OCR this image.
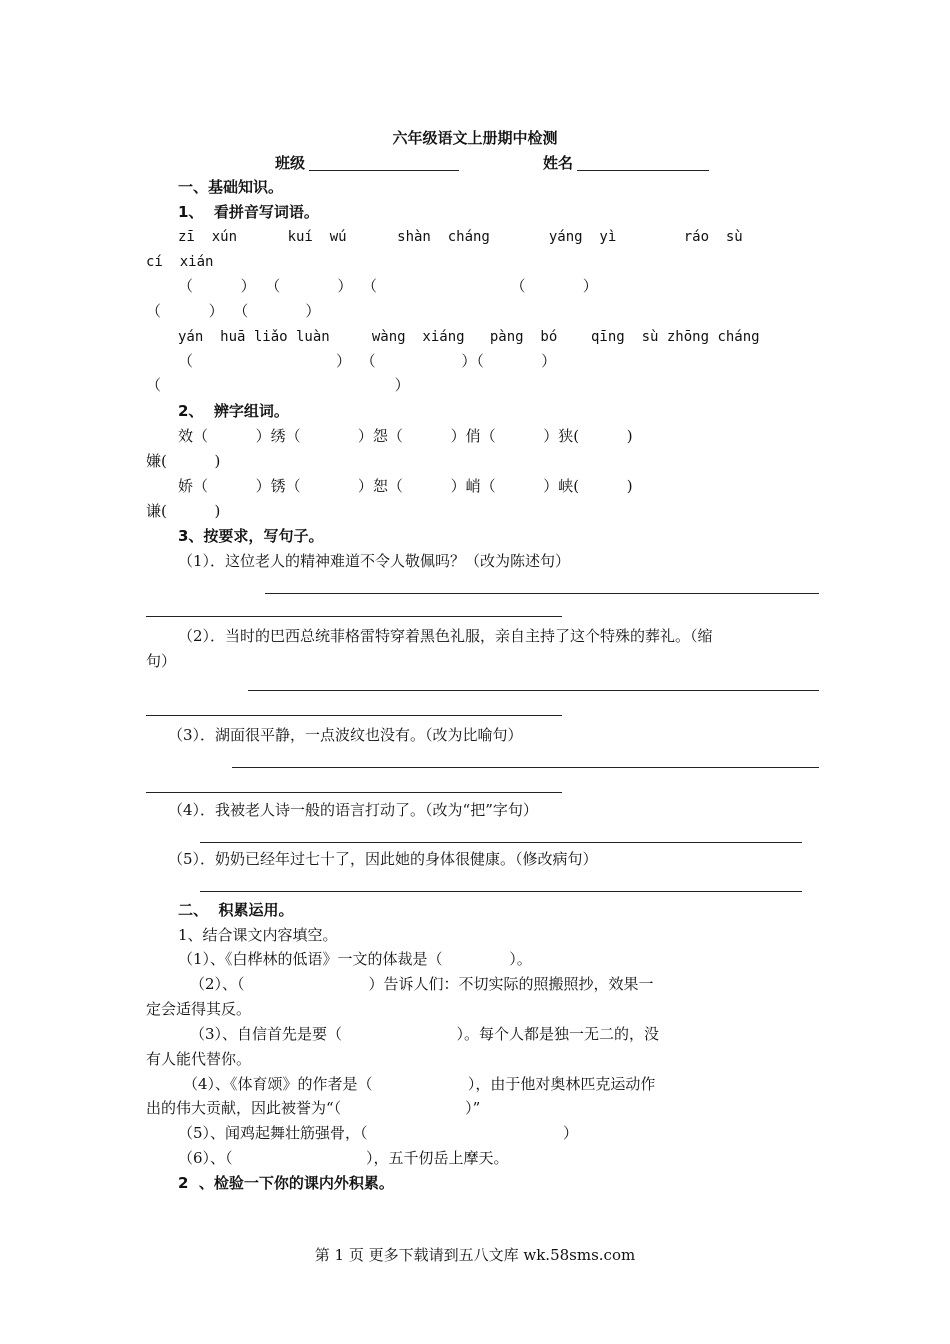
六年级语文上册期中检测
班级	姓名
一、基础知识。
1、  看拼音写词语。
zī  xún      kuí  wú      shàn  cháng       yáng  yì        ráo  sù
cí  xián
（          ）  （            ）  （                            （            ）
（          ）  （            ）
yán  huā liǎo luàn     wàng  xiáng   pàng  bó    qīng  sù zhōng cháng
（                              ）  （                  ）（            ）
（                                                 ）
2、  辨字组词。
效（          ）绣（            ）怨（          ）俏（          ）狭(          )
嫌(          )
娇（          ）锈（            ）恕（          ）峭（          ）峡(          )
谦(          )
3、按要求，写句子。
（1）．这位老人的精神难道不令人敬佩吗？（改为陈述句）
（2）．当时的巴西总统菲格雷特穿着黑色礼服，亲自主持了这个特殊的葬礼。（缩
句）
（3）．湖面很平静，一点波纹也没有。（改为比喻句）
（4）．我被老人诗一般的语言打动了。（改为“把”字句）
（5）．奶奶已经年过七十了，因此她的身体很健康。（修改病句）
二、  积累运用。
1、结合课文内容填空。
（1）、《白桦林的低语》一文的体裁是（              ）。
（2）、（                          ）告诉人们：不切实际的照搬照抄，效果一
定会适得其反。
（3）、自信首先是要（                        ）。每个人都是独一无二的，没
有人能代替你。
（4）、《体育颂》的作者是（                    ），由于他对奥林匹克运动作
出的伟大贡献，因此被誉为“（                          ）”
（5）、闻鸡起舞壮筋强骨，（                                         ）
（6）、（                            ），五千仞岳上摩天。
2  、检验一下你的课内外积累。
第 1 页 更多下载请到五八文库 wk.58sms.com
